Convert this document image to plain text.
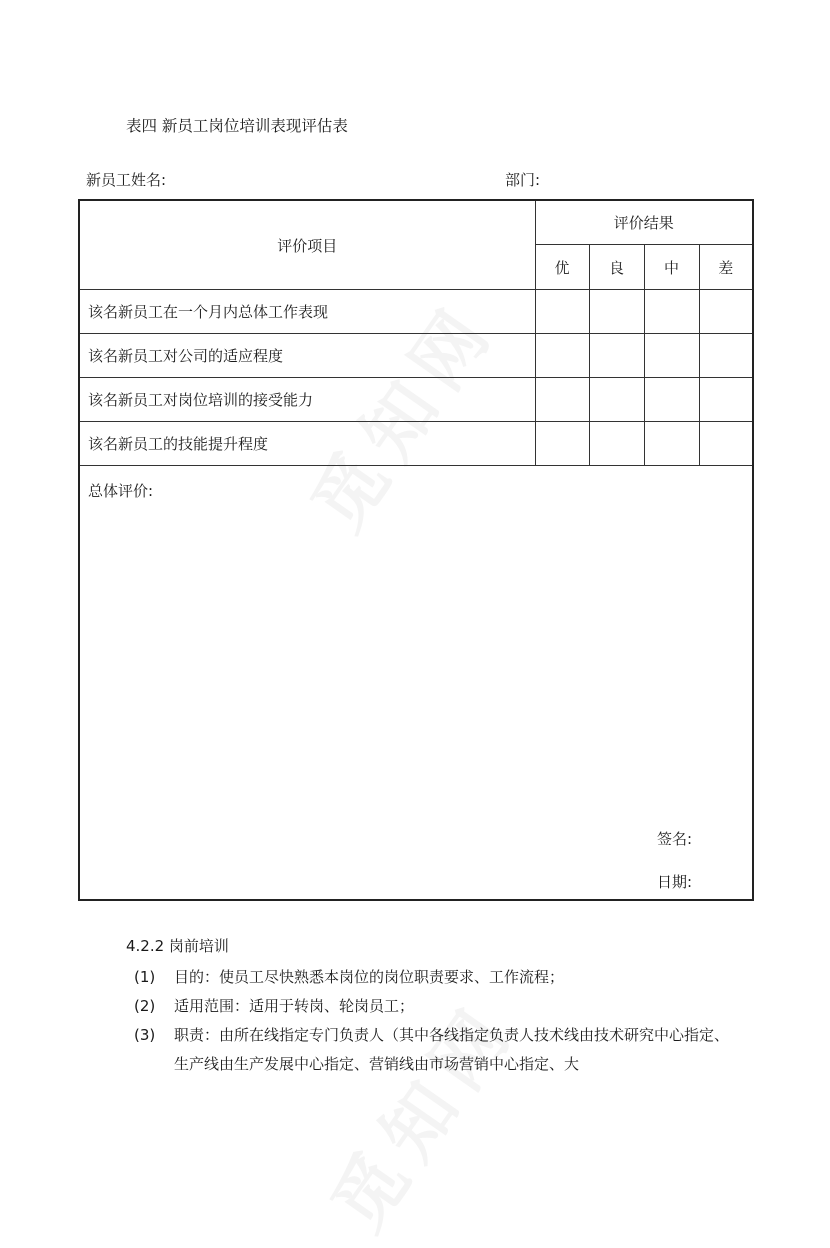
表四 新员工岗位培训表现评估表
新员工姓名:	部门:
评价项目	评价结果			
	优	良	中	差
该名新员工在一个月内总体工作表现				
该名新员工对公司的适应程度				
该名新员工对岗位培训的接受能力				
该名新员工的技能提升程度				

总体评价:
签名:
日期:				
4.2.2 岗前培训
(1)	目的：使员工尽快熟悉本岗位的岗位职责要求、工作流程；
(2)	适用范围：适用于转岗、轮岗员工；
(3)	职责：由所在线指定专门负责人（其中各线指定负责人技术线由技术研究中心指定、生产线由生产发展中心指定、营销线由市场营销中心指定、大
